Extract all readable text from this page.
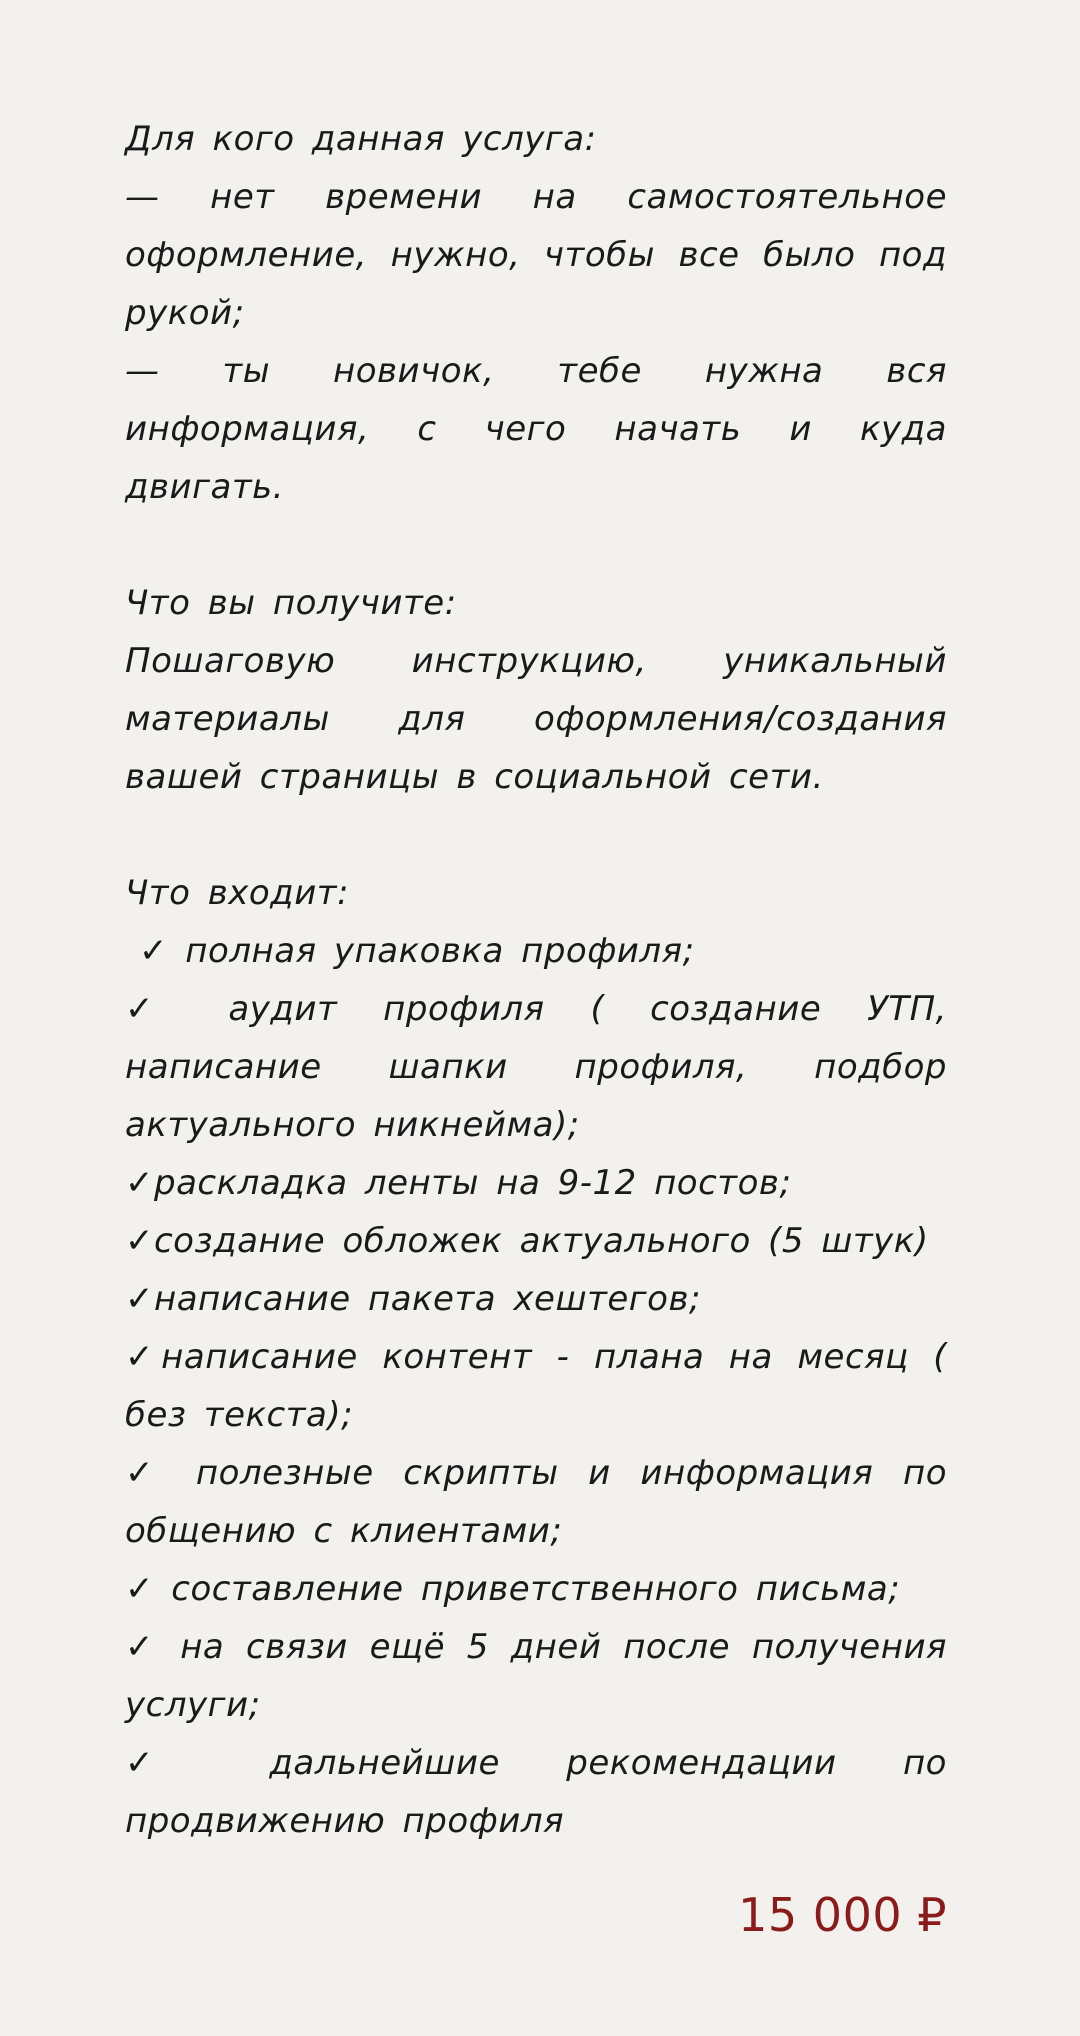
Для кого данная услуга:

— нет времени на самостоятельное оформление, нужно, чтобы все было под рукой;

— ты новичок, тебе нужна вся информация, с чего начать и куда двигать.

Что вы получите:

Пошаговую инструкцию, уникальный материалы для оформления/создания вашей страницы в социальной сети.

Что входит:

✓ полная упаковка профиля;

✓ аудит профиля ( создание УТП, написание шапки профиля, подбор актуального никнейма);

✓раскладка ленты на 9-12 постов;

✓создание обложек актуального (5 штук)

✓написание пакета хештегов;

✓написание контент - плана на месяц ( без текста);

✓ полезные скрипты и информация по общению с клиентами;

✓ составление приветственного письма;

✓ на связи ещё 5 дней после получения услуги;

✓ дальнейшие рекомендации по продвижению профиля

15 000 ₽
